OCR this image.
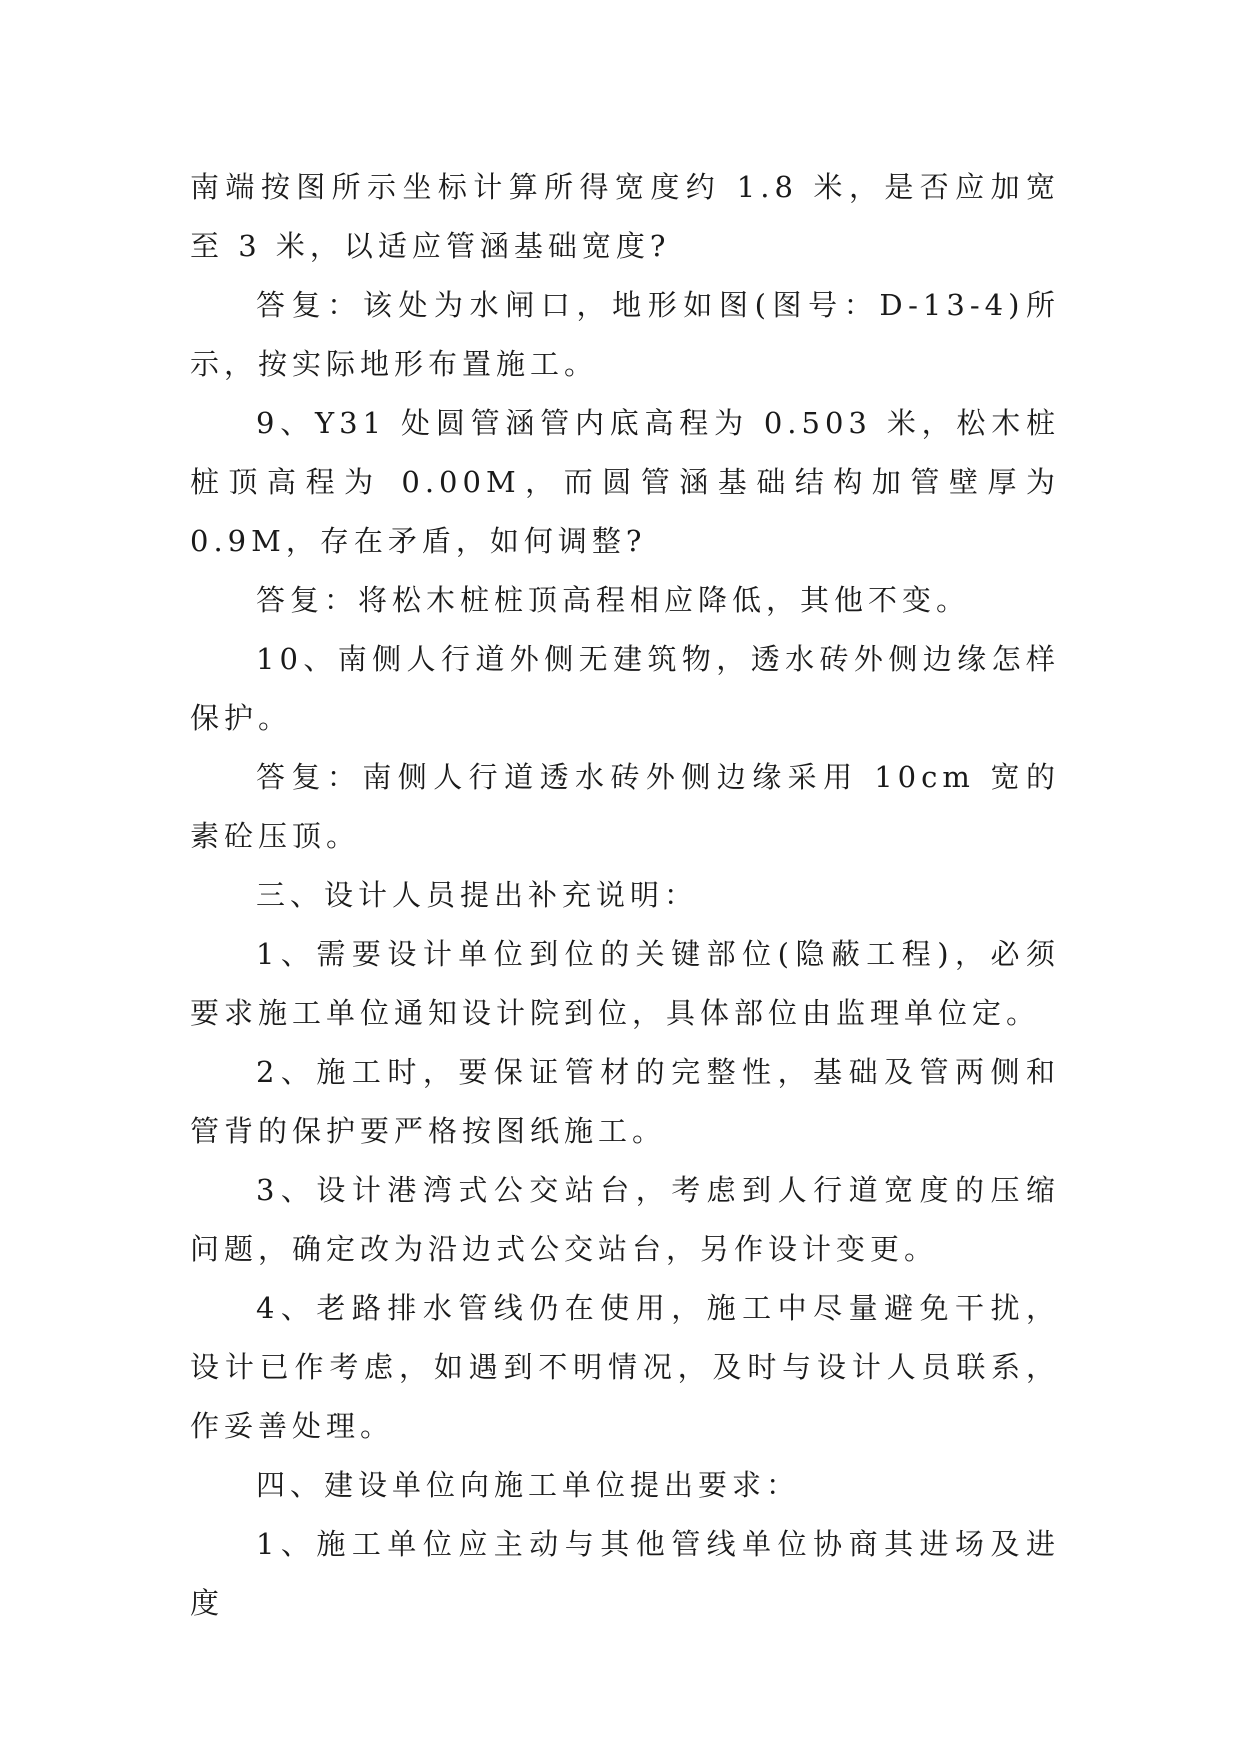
南端按图所示坐标计算所得宽度约 1.8 米，是否应加宽至 3 米，以适应管涵基础宽度?

答复：该处为水闸口，地形如图(图号：D-13-4)所示，按实际地形布置施工。

9、Y31 处圆管涵管内底高程为 0.503 米，松木桩桩顶高程为 0.00M，而圆管涵基础结构加管壁厚为 0.9M，存在矛盾，如何调整?

答复：将松木桩桩顶高程相应降低，其他不变。

10、南侧人行道外侧无建筑物，透水砖外侧边缘怎样保护。

答复：南侧人行道透水砖外侧边缘采用 10cm 宽的素砼压顶。

三、设计人员提出补充说明：

1、需要设计单位到位的关键部位(隐蔽工程)，必须要求施工单位通知设计院到位，具体部位由监理单位定。

2、施工时，要保证管材的完整性，基础及管两侧和管背的保护要严格按图纸施工。

3、设计港湾式公交站台，考虑到人行道宽度的压缩问题，确定改为沿边式公交站台，另作设计变更。

4、老路排水管线仍在使用，施工中尽量避免干扰，设计已作考虑，如遇到不明情况，及时与设计人员联系，作妥善处理。

四、建设单位向施工单位提出要求：

1、施工单位应主动与其他管线单位协商其进场及进度
